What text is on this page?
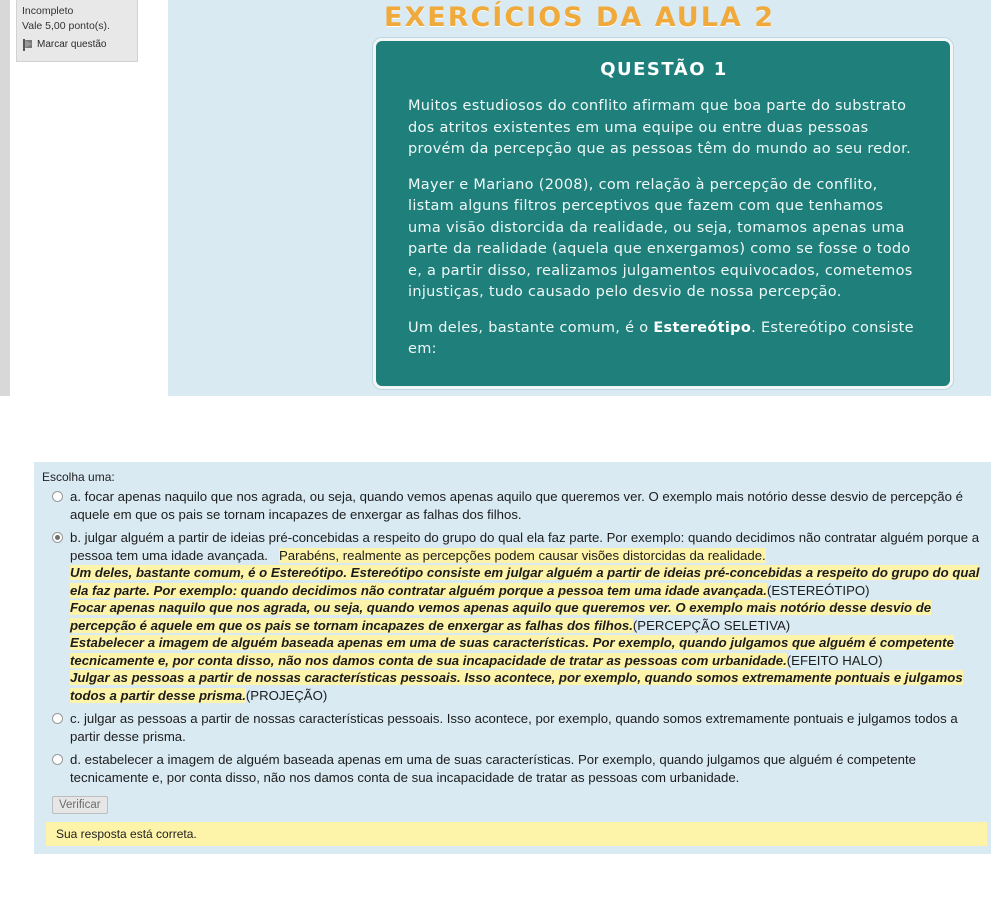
Incompleto
Vale 5,00 ponto(s).
Marcar questão
EXERCÍCIOS DA AULA 2
QUESTÃO 1

Muitos estudiosos do conflito afirmam que boa parte do substrato dos atritos existentes em uma equipe ou entre duas pessoas provém da percepção que as pessoas têm do mundo ao seu redor.

Mayer e Mariano (2008), com relação à percepção de conflito, listam alguns filtros perceptivos que fazem com que tenhamos uma visão distorcida da realidade, ou seja, tomamos apenas uma parte da realidade (aquela que enxergamos) como se fosse o todo e, a partir disso, realizamos julgamentos equivocados, cometemos injustiças, tudo causado pelo desvio de nossa percepção.

Um deles, bastante comum, é o Estereótipo. Estereótipo consiste em:

Escolha uma:
a. focar apenas naquilo que nos agrada, ou seja, quando vemos apenas aquilo que queremos ver. O exemplo mais notório desse desvio de percepção é aquele em que os pais se tornam incapazes de enxergar as falhas dos filhos.
b. julgar alguém a partir de ideias pré-concebidas a respeito do grupo do qual ela faz parte. Por exemplo: quando decidimos não contratar alguém porque a pessoa tem uma idade avançada. Parabéns, realmente as percepções podem causar visões distorcidas da realidade.
Um deles, bastante comum, é o Estereótipo. Estereótipo consiste em julgar alguém a partir de ideias pré-concebidas a respeito do grupo do qual ela faz parte. Por exemplo: quando decidimos não contratar alguém porque a pessoa tem uma idade avançada.(ESTEREÓTIPO)
Focar apenas naquilo que nos agrada, ou seja, quando vemos apenas aquilo que queremos ver. O exemplo mais notório desse desvio de percepção é aquele em que os pais se tornam incapazes de enxergar as falhas dos filhos.(PERCEPÇÃO SELETIVA)
Estabelecer a imagem de alguém baseada apenas em uma de suas características. Por exemplo, quando julgamos que alguém é competente tecnicamente e, por conta disso, não nos damos conta de sua incapacidade de tratar as pessoas com urbanidade.(EFEITO HALO)
Julgar as pessoas a partir de nossas características pessoais. Isso acontece, por exemplo, quando somos extremamente pontuais e julgamos todos a partir desse prisma.(PROJEÇÃO)
c. julgar as pessoas a partir de nossas características pessoais. Isso acontece, por exemplo, quando somos extremamente pontuais e julgamos todos a partir desse prisma.
d. estabelecer a imagem de alguém baseada apenas em uma de suas características. Por exemplo, quando julgamos que alguém é competente tecnicamente e, por conta disso, não nos damos conta de sua incapacidade de tratar as pessoas com urbanidade.
Verificar
Sua resposta está correta.
